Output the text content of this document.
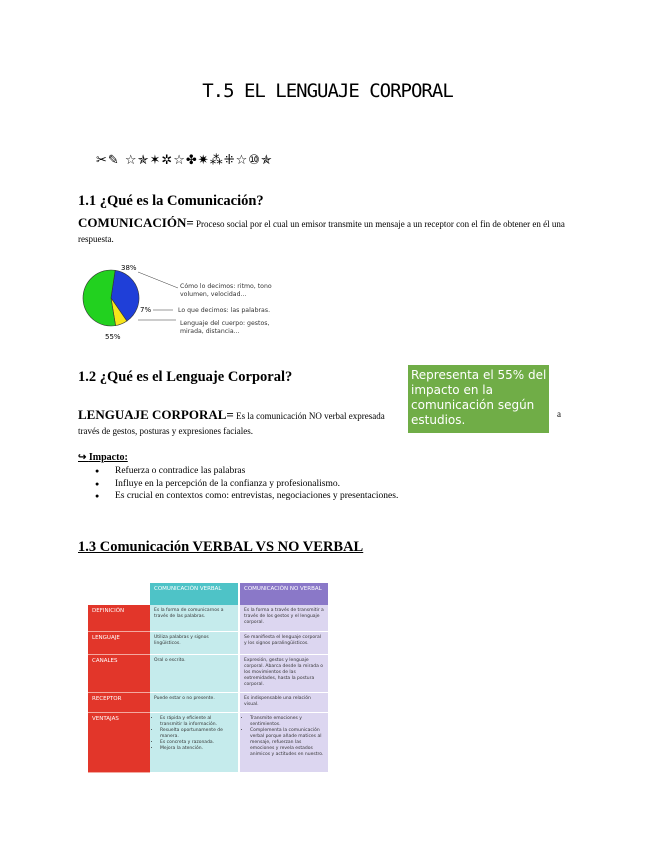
T.5 EL LENGUAJE CORPORAL
✂✎ ☆✯✶✲☆✤✷⁂⁜☆⑩✯
1.1 ¿Qué es la Comunicación?
COMUNICACIÓN= Proceso social por el cual un emisor transmite un mensaje a un receptor con el fin de obtener en él una respuesta.
38%
7%
55%
Cómo lo decimos: ritmo, tono volumen, velocidad...
Lo que decimos: las palabras.
Lenguaje del cuerpo: gestos, mirada, distancia...
1.2 ¿Qué es el Lenguaje Corporal?	Representa el 55% del impacto en la comunicación según estudios.
LENGUAJE CORPORAL= Es la comunicación NO verbal expresada	a

través de gestos, posturas y expresiones faciales.
↪ Impacto:
● Refuerza o contradice las palabras
● Influye en la percepción de la confianza y profesionalismo.
● Es crucial en contextos como: entrevistas, negociaciones y presentaciones.
1.3 Comunicación VERBAL VS NO VERBAL
COMUNICACIÓN VERBAL	COMUNICACIÓN NO VERBAL
DEFINICIÓN	Es la forma de comunicarnos a través de las palabras.
Es la forma a través de transmitir a través de los gestos y el lenguaje corporal.
LENGUAJE	Utiliza palabras y signos lingüísticos.
Se manifiesta el lenguaje corporal y los signos paralingüísticos.
CANALES	Oral o escrito.	Expresión, gestos y lenguaje corporal. Abarca desde la mirada o los movimientos de las extremidades, hasta la postura corporal.
RECEPTOR	Puede estar o no presente.	Es indispensable una relación visual.
VENTAJAS
•	Es rápida y eficiente al transmitir la información.
• Resuelta oportunamente de manera.
• Es concreta y razonada.
• Mejora la atención.
• Transmite emociones y sentimientos.
• Complementa la comunicación verbal porque añade matices al mensaje, refuerzan las emociones y revela estados anímicos y actitudes en nuestro.
